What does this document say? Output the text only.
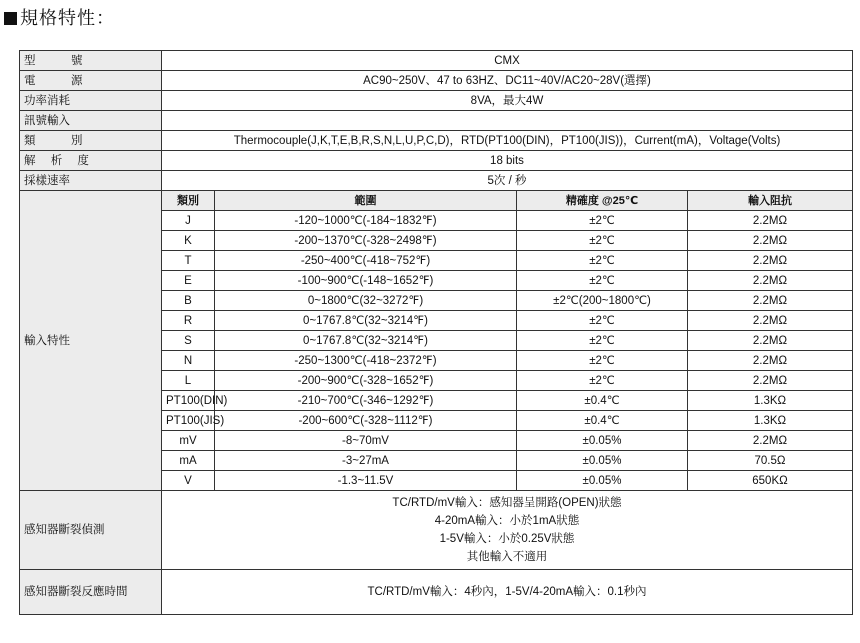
規格特性：
型　號	CMX			
電　源	AC90~250V、47 to 63HZ、DC11~40V/AC20~28V(選擇)			
功率消耗	8VA，最大4W			
訊號輸入				
類　別	Thermocouple(J,K,T,E,B,R,S,N,L,U,P,C,D)，RTD(PT100(DIN)，PT100(JIS))，Current(mA)，Voltage(Volts)			
解 析 度	18 bits			
採樣速率	5次 / 秒			
輸入特性	類別	範圍	精確度 @25℃	輸入阻抗
	J	-120~1000℃(-184~1832℉)	±2℃	2.2MΩ
	K	-200~1370℃(-328~2498℉)	±2℃	2.2MΩ
	T	-250~400℃(-418~752℉)	±2℃	2.2MΩ
	E	-100~900℃(-148~1652℉)	±2℃	2.2MΩ
	B	0~1800℃(32~3272℉)	±2℃(200~1800℃)	2.2MΩ
	R	0~1767.8℃(32~3214℉)	±2℃	2.2MΩ
	S	0~1767.8℃(32~3214℉)	±2℃	2.2MΩ
	N	-250~1300℃(-418~2372℉)	±2℃	2.2MΩ
	L	-200~900℃(-328~1652℉)	±2℃	2.2MΩ
	PT100(DIN)	-210~700℃(-346~1292℉)	±0.4℃	1.3KΩ
	PT100(JIS)	-200~600℃(-328~1112℉)	±0.4℃	1.3KΩ
	mV	-8~70mV	±0.05%	2.2MΩ
	mA	-3~27mA	±0.05%	70.5Ω
	V	-1.3~11.5V	±0.05%	650KΩ
感知器斷裂偵測	TC/RTD/mV輸入：感知器呈開路(OPEN)狀態
4-20mA輸入：小於1mA狀態
1-5V輸入：小於0.25V狀態
其他輸入不適用			

感知器斷裂反應時間	TC/RTD/mV輸入：4秒內，1-5V/4-20mA輸入：0.1秒內			
